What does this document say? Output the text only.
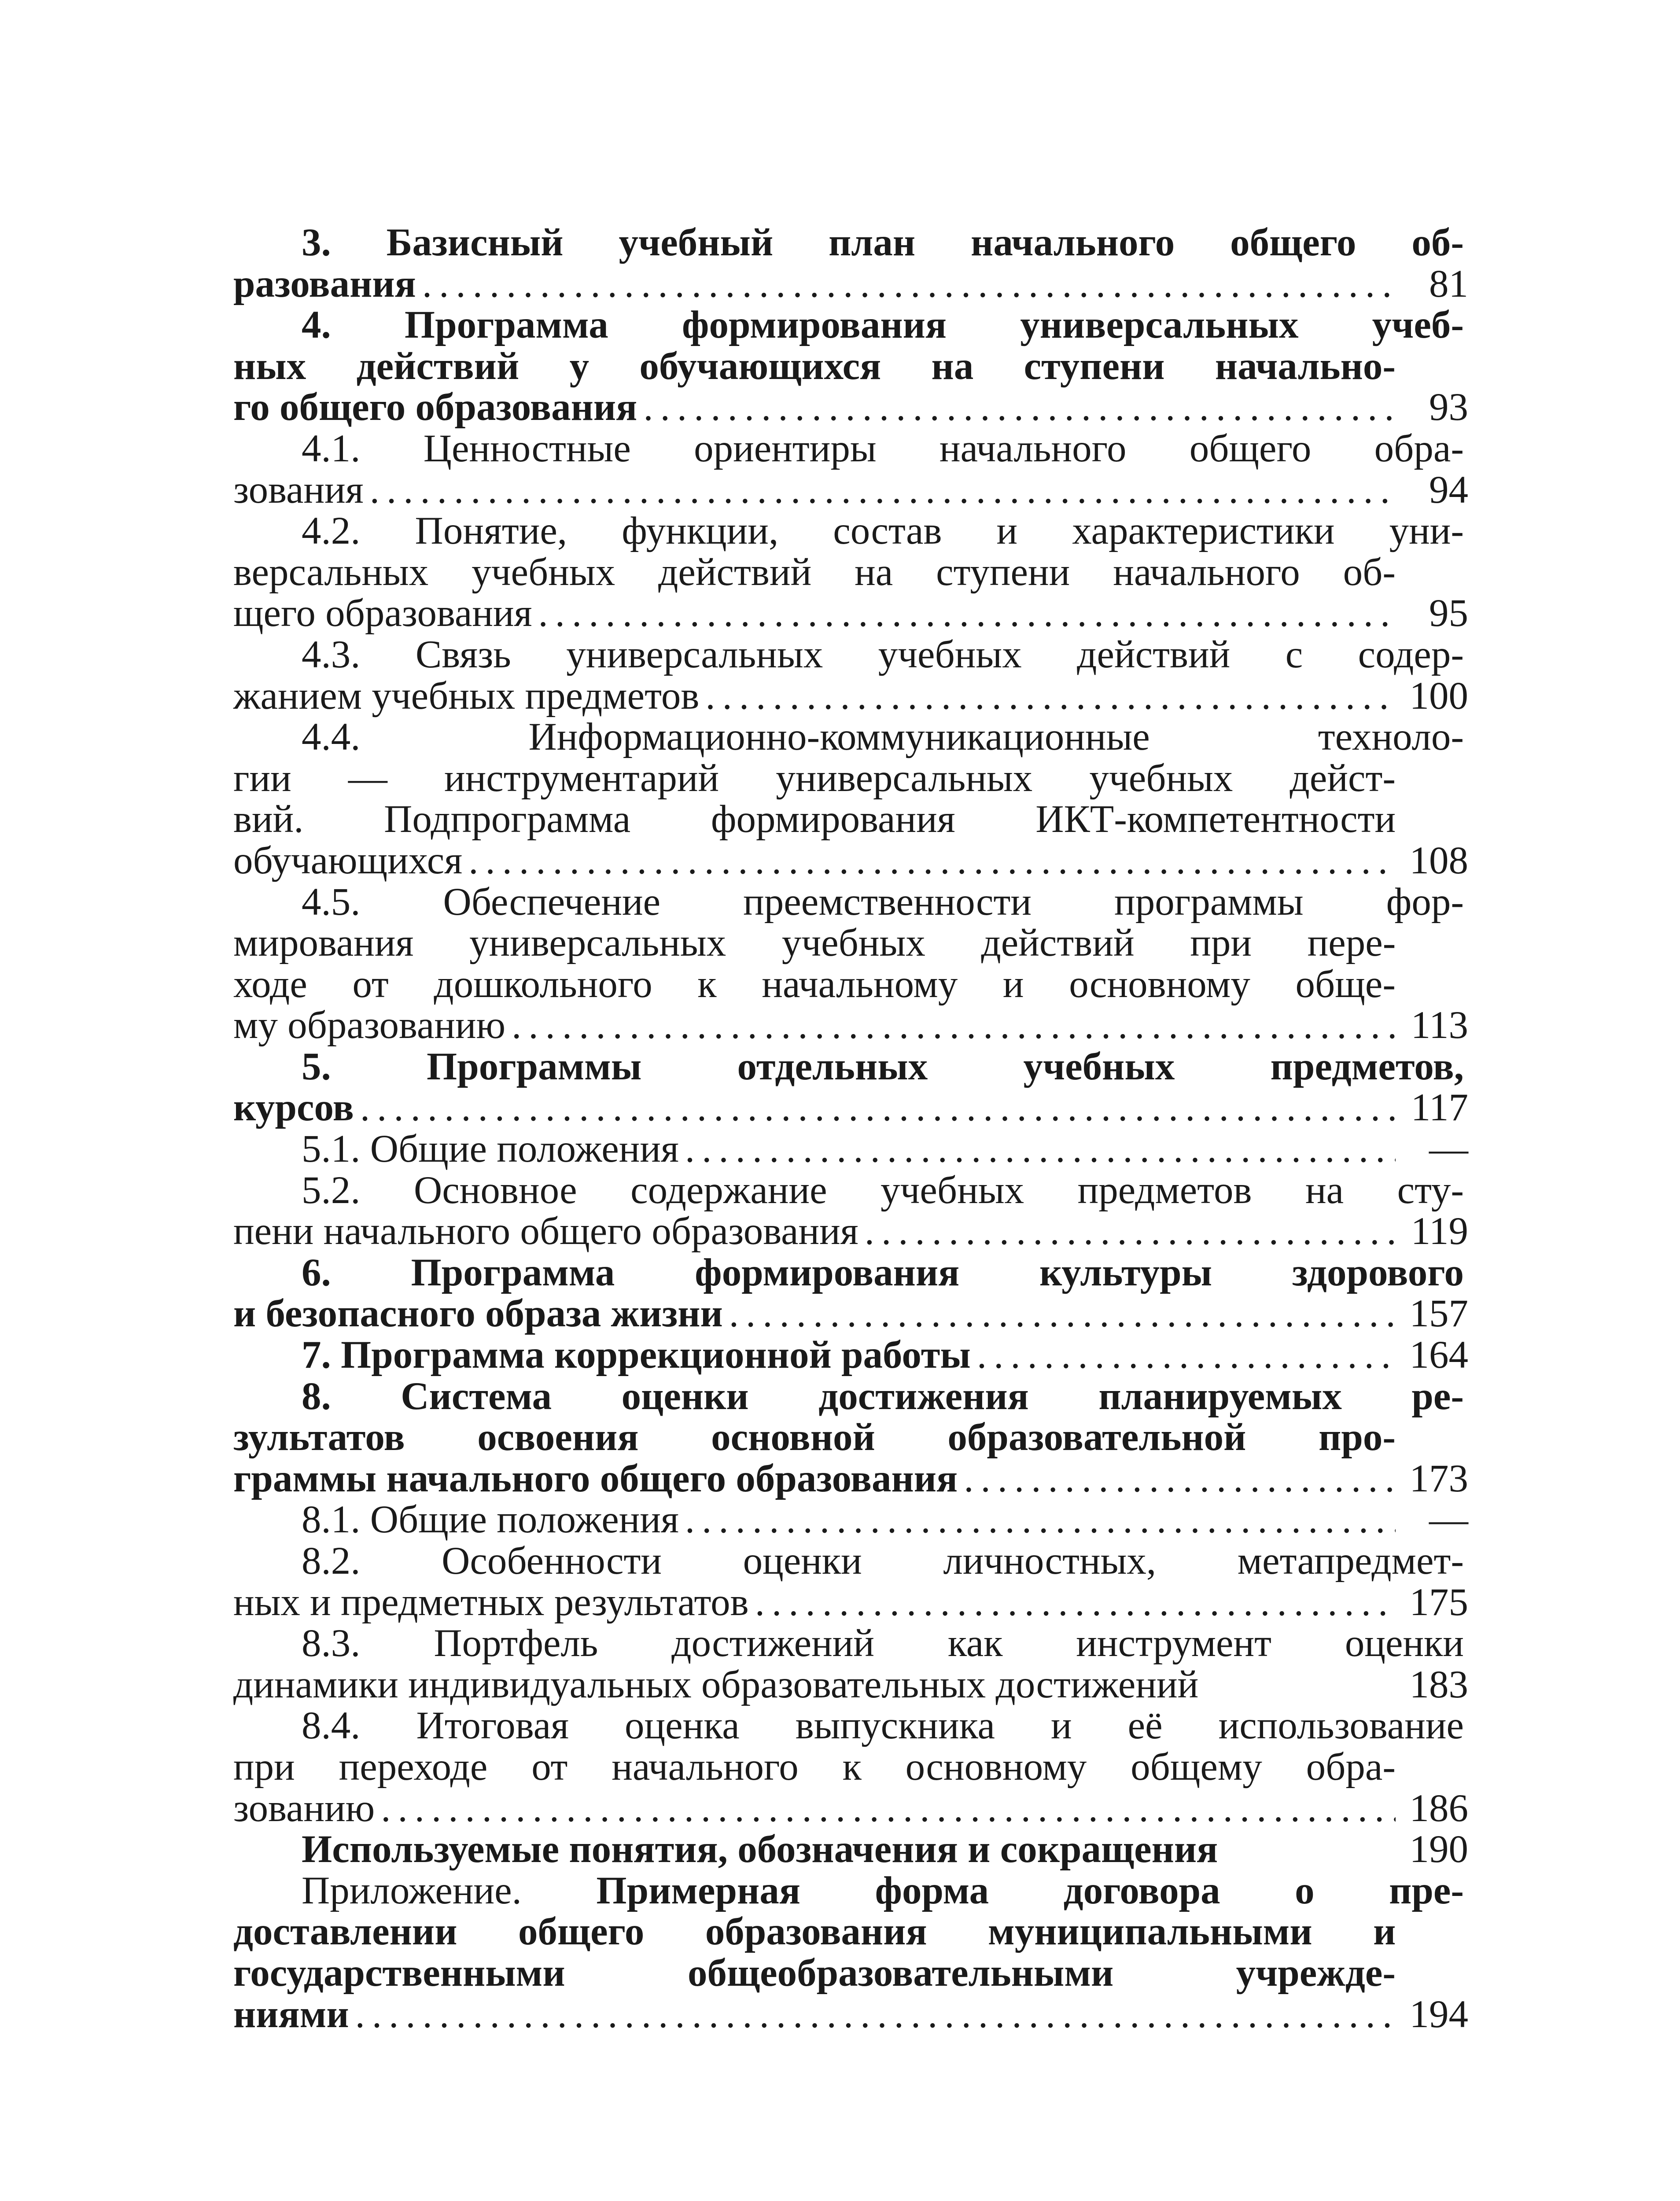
3. Базисный учебный план начального общего об-
разования .....	81
4. Программа формирования универсальных учеб-
ных действий у обучающихся на ступени начально-
го общего образования .....	93
4.1. Ценностные ориентиры начального общего обра-
зования .....	94
4.2. Понятие, функции, состав и характеристики уни-
версальных учебных действий на ступени начального об-
щего образования .....	95
4.3. Связь универсальных учебных действий с содер-
жанием учебных предметов .....	100
4.4. Информационно-коммуникационные техноло-
гии — инструментарий универсальных учебных дейст-
вий. Подпрограмма формирования ИКТ-компетентности
обучающихся .....	108
4.5. Обеспечение преемственности программы фор-
мирования универсальных учебных действий при пере-
ходе от дошкольного к начальному и основному обще-
му образованию .....	113
5. Программы отдельных учебных предметов,
курсов .....	117
5.1. Общие положения .....	—
5.2. Основное содержание учебных предметов на сту-
пени начального общего образования .....	119
6. Программа формирования культуры здорового
и безопасного образа жизни .....	157
7. Программа коррекционной работы .....	164
8. Система оценки достижения планируемых ре-
зультатов освоения основной образовательной про-
граммы начального общего образования .....	173
8.1. Общие положения .....	—
8.2. Особенности оценки личностных, метапредмет-
ных и предметных результатов .....	175
8.3. Портфель достижений как инструмент оценки
динамики индивидуальных образовательных достижений	183
8.4. Итоговая оценка выпускника и её использование
при переходе от начального к основному общему обра-
зованию .....	186
Используемые понятия, обозначения и сокращения	190
Приложение. Примерная форма договора о пре-
доставлении общего образования муниципальными и
государственными общеобразовательными учрежде-
ниями .....	194
